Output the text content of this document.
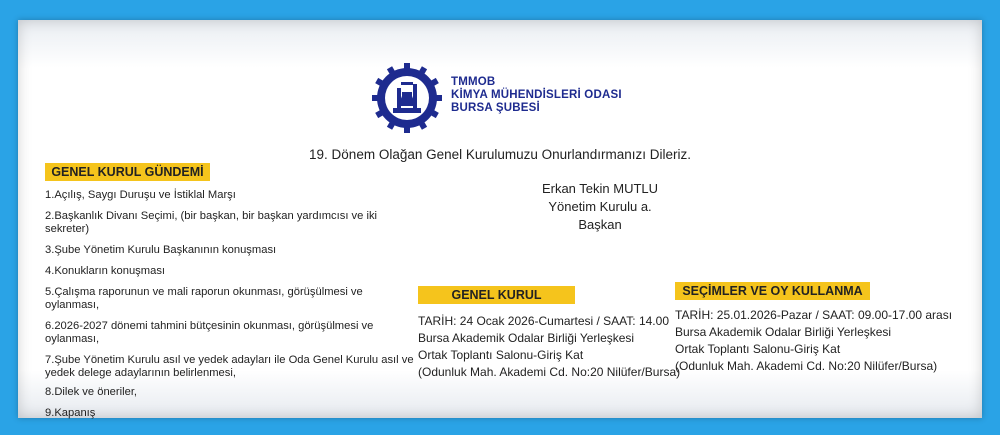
TMMOB
KİMYA MÜHENDİSLERİ ODASI
BURSA ŞUBESİ
19. Dönem Olağan Genel Kurulumuzu Onurlandırmanızı Dileriz.
Erkan Tekin MUTLU
Yönetim Kurulu a.
Başkan
GENEL KURUL GÜNDEMİ
1.Açılış, Saygı Duruşu ve İstiklal Marşı
2.Başkanlık Divanı Seçimi, (bir başkan, bir başkan yardımcısı ve iki sekreter)
3.Şube Yönetim Kurulu Başkanının konuşması
4.Konukların konuşması
5.Çalışma raporunun ve mali raporun okunması, görüşülmesi ve oylanması,
6.2026-2027 dönemi tahmini bütçesinin okunması, görüşülmesi ve oylanması,
7.Şube Yönetim Kurulu asıl ve yedek adayları ile Oda Genel Kurulu asıl ve yedek delege adaylarının belirlenmesi,
8.Dilek ve öneriler,
9.Kapanış
GENEL KURUL
TARİH: 24 Ocak 2026-Cumartesi / SAAT: 14.00
Bursa Akademik Odalar Birliği Yerleşkesi
Ortak Toplantı Salonu-Giriş Kat
(Odunluk Mah. Akademi Cd. No:20 Nilüfer/Bursa)
SEÇİMLER VE OY KULLANMA
TARİH: 25.01.2026-Pazar / SAAT: 09.00-17.00 arası
Bursa Akademik Odalar Birliği Yerleşkesi
Ortak Toplantı Salonu-Giriş Kat
(Odunluk Mah. Akademi Cd. No:20 Nilüfer/Bursa)
